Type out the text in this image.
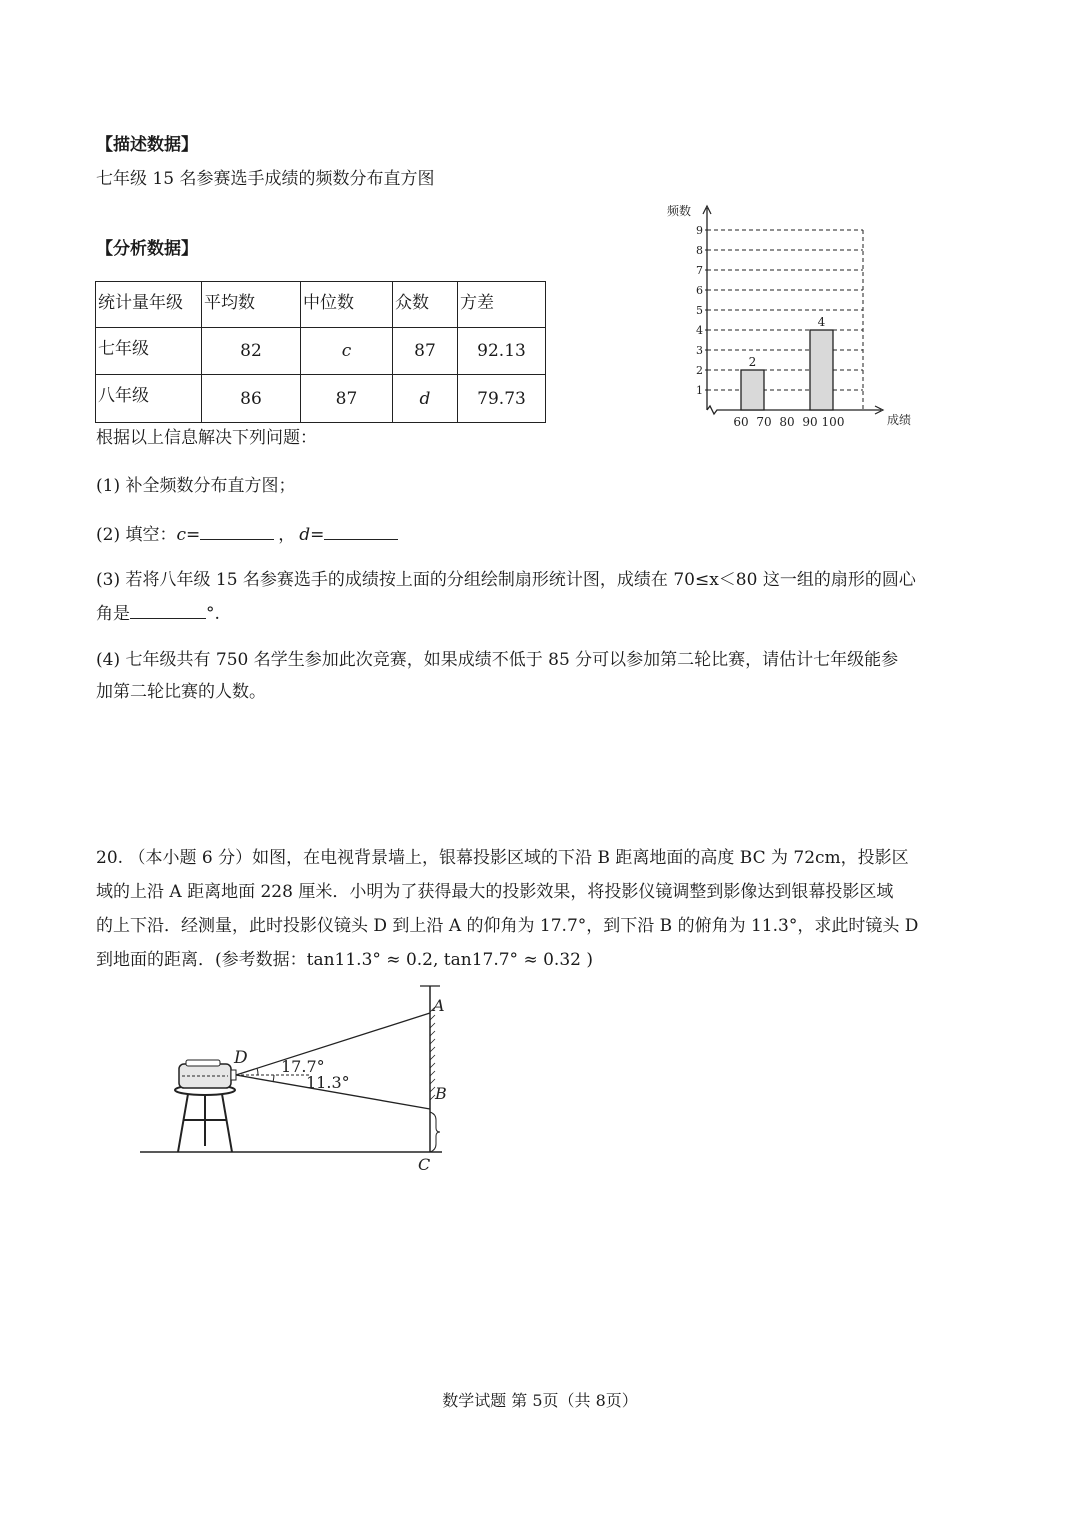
【描述数据】
七年级 15 名参赛选手成绩的频数分布直方图
【分析数据】
1
2
3
4
5
6
7
8
9
60 70 80 90 100
2
4
频数
成绩
统计量年级	平均数	中位数	众数	方差
七年级	82	c	87	92.13
八年级	86	87	d	79.73
根据以上信息解决下列问题：
(1) 补全频数分布直方图；
(2) 填空：c=	， d=
(3) 若将八年级 15 名参赛选手的成绩按上面的分组绘制扇形统计图，成绩在 70≤x＜80 这一组的扇形的圆心
角是	°.
(4) 七年级共有 750 名学生参加此次竞赛，如果成绩不低于 85 分可以参加第二轮比赛，请估计七年级能参
加第二轮比赛的人数。
20. （本小题 6 分）如图，在电视背景墙上，银幕投影区域的下沿 B 距离地面的高度 BC 为 72cm，投影区
域的上沿 A 距离地面 228 厘米．小明为了获得最大的投影效果，将投影仪镜调整到影像达到银幕投影区域
的上下沿．经测量，此时投影仪镜头 D 到上沿 A 的仰角为 17.7°，到下沿 B 的俯角为 11.3°，求此时镜头 D
到地面的距离．(参考数据：tan11.3° ≈ 0.2, tan17.7° ≈ 0.32 )
D 17.7°
11.3°
A
B
C
数学试题 第 5页（共 8页）
